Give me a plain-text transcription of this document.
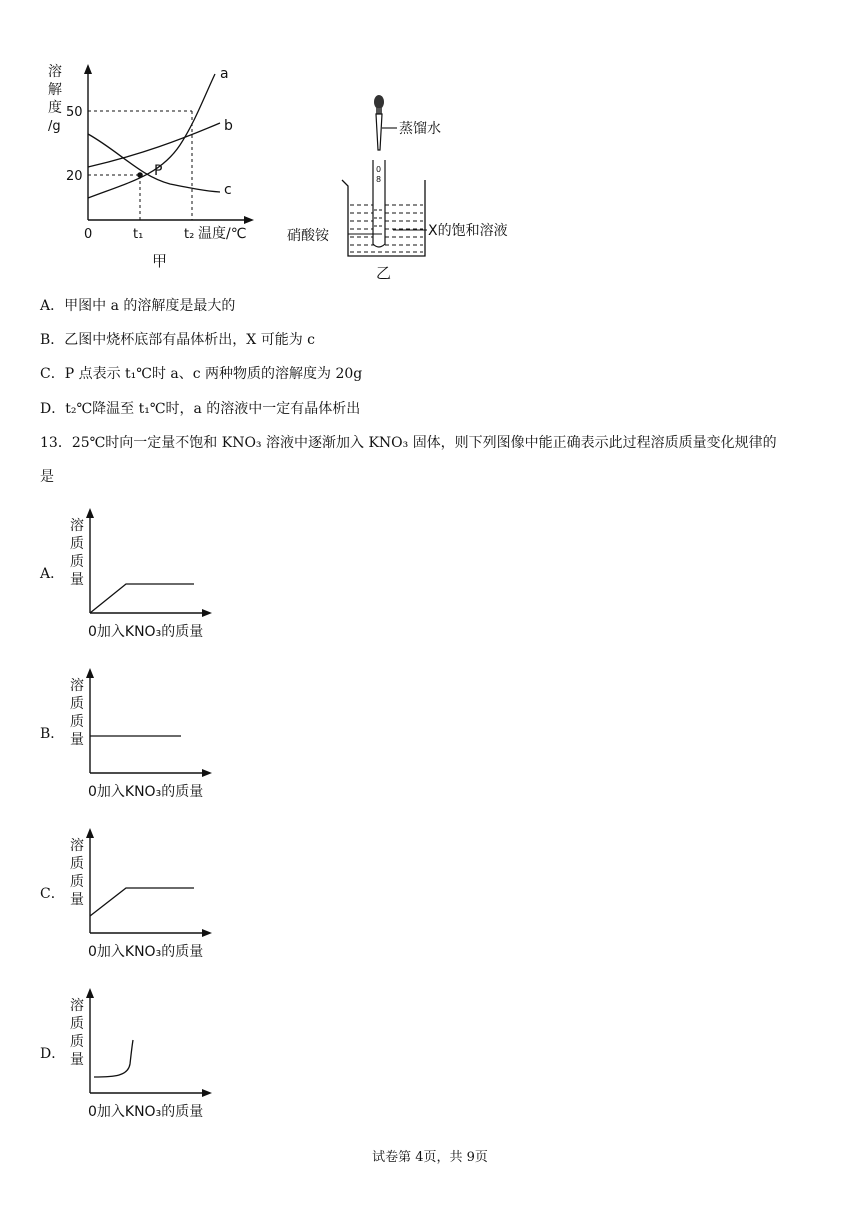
溶
解
度
/g
50
20
0	t₁	t₂ 温度/℃
a
b
c
P
甲
蒸馏水
0
8
硝酸铵	X的饱和溶液
乙
A．甲图中 a 的溶解度是最大的
B．乙图中烧杯底部有晶体析出，X 可能为 c
C．P 点表示 t₁℃时 a、c 两种物质的溶解度为 20g
D．t₂℃降温至 t₁℃时，a 的溶液中一定有晶体析出
13．25℃时向一定量不饱和 KNO₃ 溶液中逐渐加入 KNO₃ 固体，则下列图像中能正确表示此过程溶质质量变化规律的
是
A．
溶
质
质
量
0加入KNO₃的质量
B．
溶
质
质
量
0加入KNO₃的质量
C．
溶
质
质
量
0加入KNO₃的质量
D．
溶
质
质
量
0加入KNO₃的质量
试卷第 4页，共 9页
